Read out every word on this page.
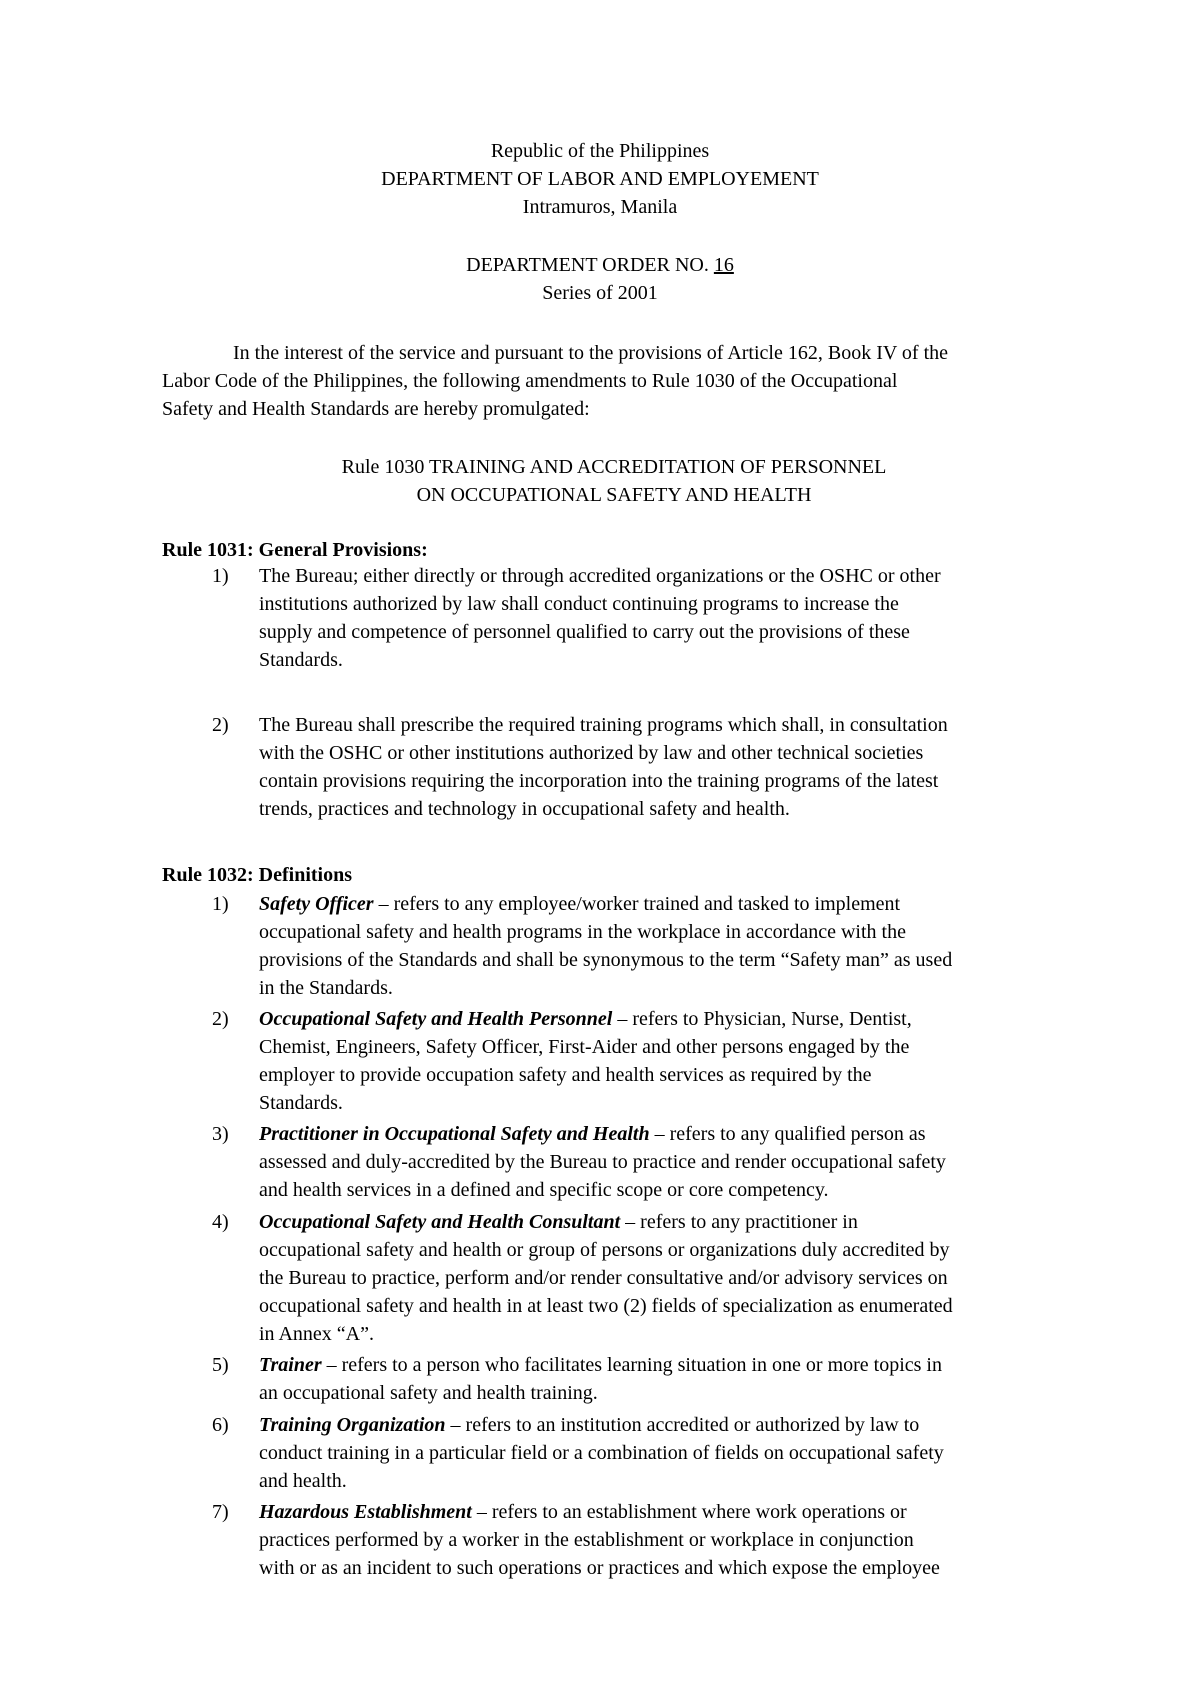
Republic of the Philippines
DEPARTMENT OF LABOR AND EMPLOYEMENT
Intramuros, Manila
DEPARTMENT ORDER NO. 16
Series of 2001
In the interest of the service and pursuant to the provisions of Article 162, Book IV of the
Labor Code of the Philippines, the following amendments to Rule 1030 of the Occupational
Safety and Health Standards are hereby promulgated:
Rule 1030 TRAINING AND ACCREDITATION OF PERSONNEL
ON OCCUPATIONAL SAFETY AND HEALTH
Rule 1031: General Provisions:
1)	The Bureau; either directly or through accredited organizations or the OSHC or other
institutions authorized by law shall conduct continuing programs to increase the
supply and competence of personnel qualified to carry out the provisions of these
Standards.
2)	The Bureau shall prescribe the required training programs which shall, in consultation
with the OSHC or other institutions authorized by law and other technical societies
contain provisions requiring the incorporation into the training programs of the latest
trends, practices and technology in occupational safety and health.
Rule 1032: Definitions
1)	Safety Officer – refers to any employee/worker trained and tasked to implement
occupational safety and health programs in the workplace in accordance with the
provisions of the Standards and shall be synonymous to the term “Safety man” as used
in the Standards.
2)	Occupational Safety and Health Personnel – refers to Physician, Nurse, Dentist,
Chemist, Engineers, Safety Officer, First-Aider and other persons engaged by the
employer to provide occupation safety and health services as required by the
Standards.
3)	Practitioner in Occupational Safety and Health – refers to any qualified person as
assessed and duly-accredited by the Bureau to practice and render occupational safety
and health services in a defined and specific scope or core competency.
4)	Occupational Safety and Health Consultant – refers to any practitioner in
occupational safety and health or group of persons or organizations duly accredited by
the Bureau to practice, perform and/or render consultative and/or advisory services on
occupational safety and health in at least two (2) fields of specialization as enumerated
in Annex “A”.
5)	Trainer – refers to a person who facilitates learning situation in one or more topics in
an occupational safety and health training.
6)	Training Organization – refers to an institution accredited or authorized by law to
conduct training in a particular field or a combination of fields on occupational safety
and health.
7)	Hazardous Establishment – refers to an establishment where work operations or
practices performed by a worker in the establishment or workplace in conjunction
with or as an incident to such operations or practices and which expose the employee
